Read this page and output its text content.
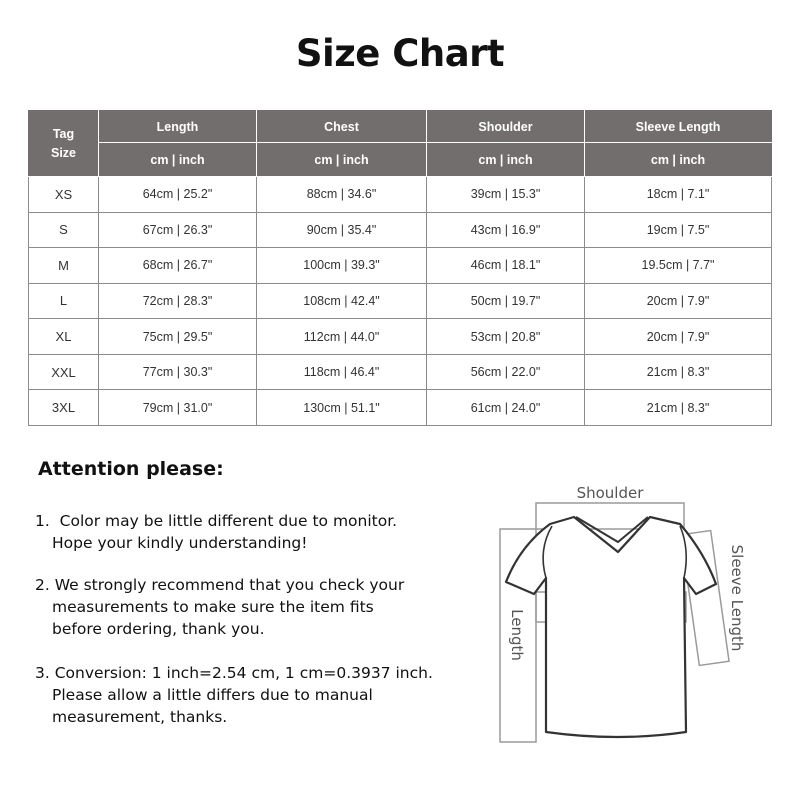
Size Chart
Tag
Size	Length	Chest	Shoulder	Sleeve Length
	cm | inch	cm | inch	cm | inch	cm | inch
XS	64cm | 25.2"	88cm | 34.6"	39cm | 15.3"	18cm | 7.1"
S	67cm | 26.3"	90cm | 35.4"	43cm | 16.9"	19cm | 7.5"
M	68cm | 26.7"	100cm | 39.3"	46cm | 18.1"	19.5cm | 7.7"
L	72cm | 28.3"	108cm | 42.4"	50cm | 19.7"	20cm | 7.9"
XL	75cm | 29.5"	112cm | 44.0"	53cm | 20.8"	20cm | 7.9"
XXL	77cm | 30.3"	118cm | 46.4"	56cm | 22.0"	21cm | 8.3"
3XL	79cm | 31.0"	130cm | 51.1"	61cm | 24.0"	21cm | 8.3"
Attention please:
1.  Color may be little different due to monitor.
Hope your kindly understanding!
2. We strongly recommend that you check your
measurements to make sure the item fits
before ordering, thank you.
3. Conversion: 1 inch=2.54 cm, 1 cm=0.3937 inch.
Please allow a little differs due to manual
measurement, thanks.
Shoulder
Length	Sleeve Length
